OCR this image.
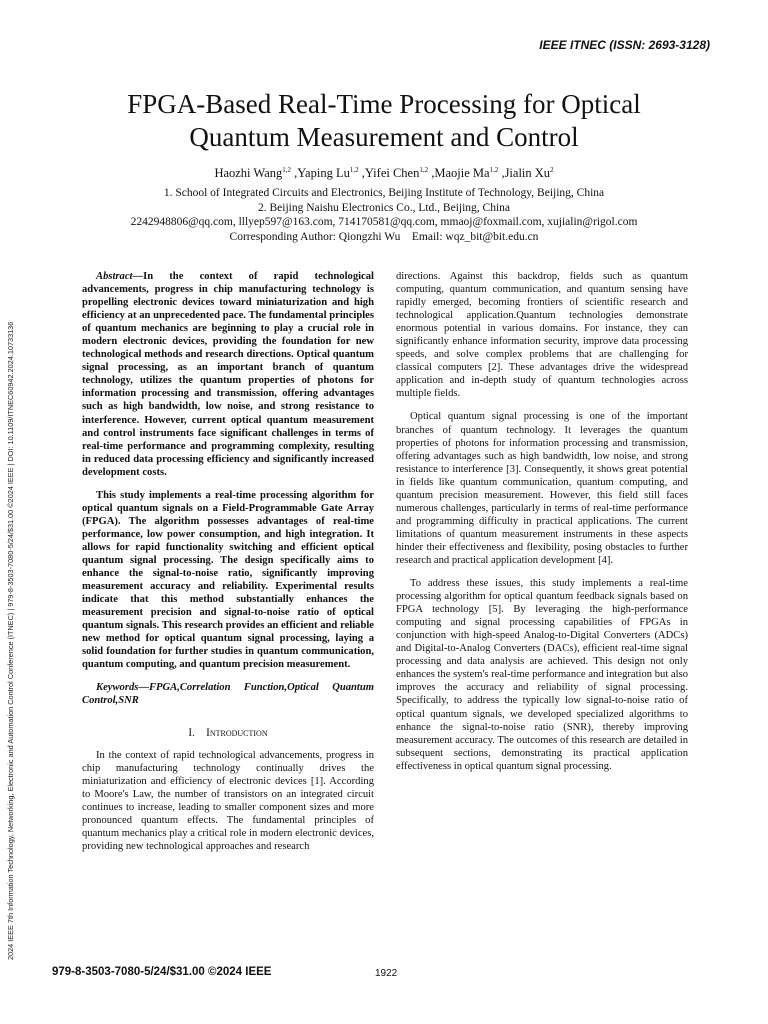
IEEE ITNEC (ISSN: 2693-3128)
2024 IEEE 7th Information Technology, Networking, Electronic and Automation Control Conference (ITNEC) | 979-8-3503-7080-5/24/$31.00 ©2024 IEEE | DOI: 10.1109/ITNEC60942.2024.10733136
FPGA-Based Real-Time Processing for Optical
Quantum Measurement and Control
Haozhi Wang$^{1,2}$ ,Yaping Lu$^{1,2}$ ,Yifei Chen$^{1,2}$ ,Maojie Ma$^{1,2}$ ,Jialin Xu$^2$
1. School of Integrated Circuits and Electronics, Beijing Institute of Technology, Beijing, China
2. Beijing Naishu Electronics Co., Ltd., Beijing, China
2242948806@qq.com, lllyep597@163.com, 714170581@qq.com, mmaoj@foxmail.com, xujialin@rigol.com
Corresponding Author: Qiongzhi Wu    Email: wqz_bit@bit.edu.cn

Abstract—In the context of rapid technological advancements, progress in chip manufacturing technology is propelling electronic devices toward miniaturization and high efficiency at an unprecedented pace. The fundamental principles of quantum mechanics are beginning to play a crucial role in modern electronic devices, providing the foundation for new technological methods and research directions. Optical quantum signal processing, as an important branch of quantum technology, utilizes the quantum properties of photons for information processing and transmission, offering advantages such as high bandwidth, low noise, and strong resistance to interference. However, current optical quantum measurement and control instruments face significant challenges in terms of real-time performance and programming complexity, resulting in reduced data processing efficiency and significantly increased development costs.

This study implements a real-time processing algorithm for optical quantum signals on a Field-Programmable Gate Array (FPGA). The algorithm possesses advantages of real-time performance, low power consumption, and high integration. It allows for rapid functionality switching and efficient optical quantum signal processing. The design specifically aims to enhance the signal-to-noise ratio, significantly improving measurement accuracy and reliability. Experimental results indicate that this method substantially enhances the measurement precision and signal-to-noise ratio of optical quantum signals. This research provides an efficient and reliable new method for optical quantum signal processing, laying a solid foundation for further studies in quantum communication, quantum computing, and quantum precision measurement.

Keywords—FPGA,Correlation Function,Optical Quantum Control,SNR

I. Introduction

In the context of rapid technological advancements, progress in chip manufacturing technology continually drives the miniaturization and efficiency of electronic devices [1]. According to Moore's Law, the number of transistors on an integrated circuit continues to increase, leading to smaller component sizes and more pronounced quantum effects. The fundamental principles of quantum mechanics play a critical role in modern electronic devices, providing new technological approaches and research

directions. Against this backdrop, fields such as quantum computing, quantum communication, and quantum sensing have rapidly emerged, becoming frontiers of scientific research and technological application.Quantum technologies demonstrate enormous potential in various domains. For instance, they can significantly enhance information security, improve data processing speeds, and solve complex problems that are challenging for classical computers [2]. These advantages drive the widespread application and in-depth study of quantum technologies across multiple fields.

Optical quantum signal processing is one of the important branches of quantum technology. It leverages the quantum properties of photons for information processing and transmission, offering advantages such as high bandwidth, low noise, and strong resistance to interference [3]. Consequently, it shows great potential in fields like quantum communication, quantum computing, and quantum precision measurement. However, this field still faces numerous challenges, particularly in terms of real-time performance and programming difficulty in practical applications. The current limitations of quantum measurement instruments in these aspects hinder their effectiveness and flexibility, posing obstacles to further research and practical application development [4].

To address these issues, this study implements a real-time processing algorithm for optical quantum feedback signals based on FPGA technology [5]. By leveraging the high-performance computing and signal processing capabilities of FPGAs in conjunction with high-speed Analog-to-Digital Converters (ADCs) and Digital-to-Analog Converters (DACs), efficient real-time signal processing and data analysis are achieved. This design not only enhances the system's real-time performance and integration but also improves the accuracy and reliability of signal processing. Specifically, to address the typically low signal-to-noise ratio of optical quantum signals, we developed specialized algorithms to enhance the signal-to-noise ratio (SNR), thereby improving measurement accuracy. The outcomes of this research are detailed in subsequent sections, demonstrating its practical application effectiveness in optical quantum signal processing.

979-8-3503-7080-5/24/$31.00 ©2024 IEEE	1922
